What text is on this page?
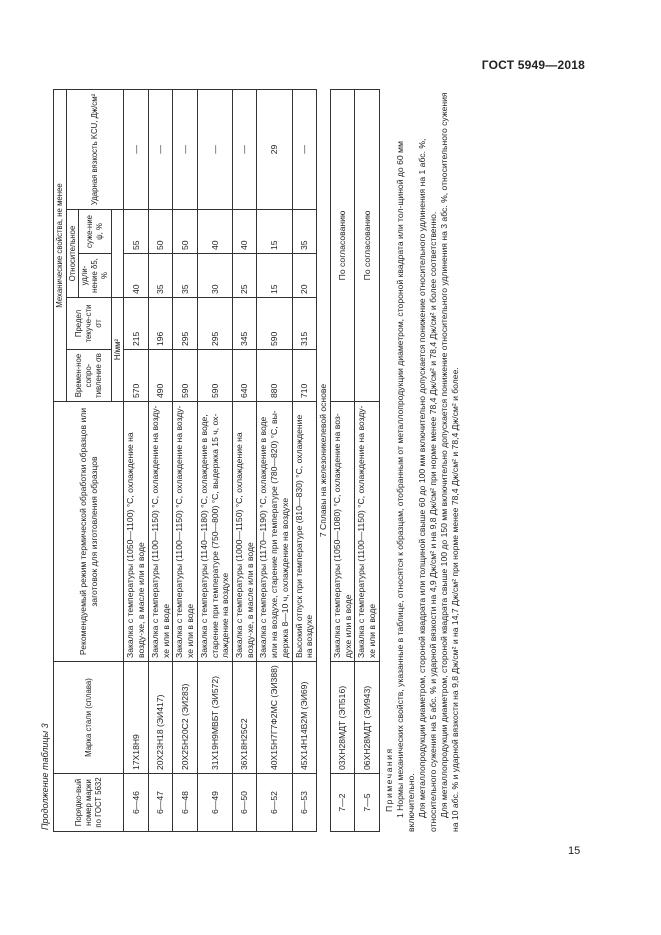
ГОСТ 5949—2018
Продолжение таблицы 3	Порядко-вый номер марки по ГОСТ 5632	Марка стали (сплава)	Рекомендуемый режим термической обработки образцов или заготовок для изготовления образцов	Механические свойства, не менее				
			Времен-ное сопро-тивление σв	Предел текуче-сти σт	Относительное		Ударная вязкость KCU, Дж/см²
					удли-нение δ5, %	суже-ние ψ, %	
			Н/мм²				
6—46	17Х18Н9	Закалка с температуры (1050—1100) °С, охлаждение на возду-хе, в масле или в воде	570	215	40	55	—
6—47	20Х23Н18 (ЭИ417)	Закалка с температуры (1100—1150) °С, охлаждение на возду-хе или в воде	490	196	35	50	—
6—48	20Х25Н20С2 (ЭИ283)	Закалка с температуры (1100—1150) °С, охлаждение на возду-хе или в воде	590	295	35	50	—
6—49	31Х19Н9МВБТ (ЭИ572)	Закалка с температуры (1140—1180) °С, охлаждение в воде, старение при температуре (750—800) °С, выдержка 15 ч, ох-лаждение на воздухе	590	295	30	40	—
6—50	36Х18Н25С2	Закалка с температуры (1000—1150) °С, охлаждение на возду-хе, в масле или в воде	640	345	25	40	—
6—52	40Х15Н7Г7Ф2МС (ЭИ388)	Закалка с температуры (1170—1190) °С, охлаждение в воде или на воздухе, старение при температуре (780—820) °С, вы-держка 8—10 ч, охлаждение на воздухе	880	590	15	15	29
6—53	45Х14Н14В2М (ЭИ69)	Высокий отпуск при температуре (810—830) °С, охлаждение на воздухе	710	315	20	35	—
7 Сплавы на железоникелевой основе							
7—2	03ХН28МДТ (ЭП516)	Закалка с температуры (1050—1080) °С, охлаждение на воз-духе или в воде	По согласованию				
7—5	06ХН28МДТ (ЭИ943)	Закалка с температуры (1100—1150) °С, охлаждение на возду-хе или в воде	По согласованию				

Примечания 1 Нормы механических свойств, указанные в таблице, относятся к образцам, отобранным от металлопродукции диаметром, стороной квадрата или тол-щиной до 60 мм включительно. Для металлопродукции диаметром, стороной квадрата или толщиной свыше 60 до 100 мм включительно допускается понижение относительного удлинения на 1 абс. %, относительного сужения на 5 абс. % и ударной вязкости на 4,9 Дж/см² и на 9,8 Дж/см² при норме менее 78,4 Дж/см² и 78,4 Дж/см² и более соответственно. Для металлопродукции диаметром, стороной квадрата свыше 100 до 150 мм включительно допускается понижение относительного удлинения на 3 абс. %, относительного сужения на 10 абс. % и ударной вязкости на 9,8 Дж/см² и на 14,7 Дж/см² при норме менее 78,4 Дж/см² и 78,4 Дж/см² и более.

15
